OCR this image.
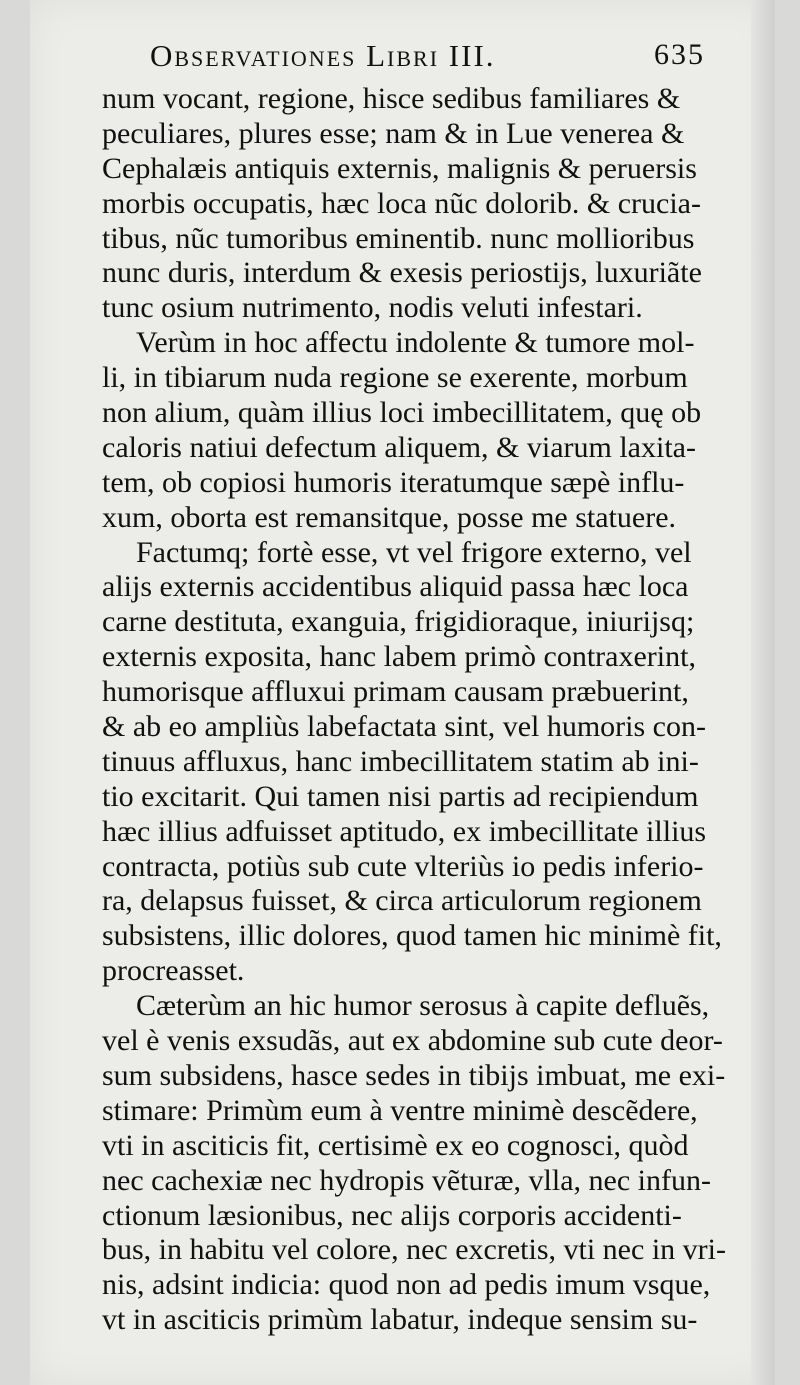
Observationes Libri III.	635
num vocant, regione, hisce sedibus familiares &
peculiares, plures esse; nam & in Lue venerea &
Cephalæis antiquis externis, malignis & peruersis
morbis occupatis, hæc loca nũc dolorib. & crucia-
tibus, nũc tumoribus eminentib. nunc mollioribus
nunc duris, interdum & exesis periostijs, luxuriãte
tunc osium nutrimento, nodis veluti infestari.
Verùm in hoc affectu indolente & tumore mol-
li, in tibiarum nuda regione se exerente, morbum
non alium, quàm illius loci imbecillitatem, quę ob
caloris natiui defectum aliquem, & viarum laxita-
tem, ob copiosi humoris iteratumque sæpè influ-
xum, oborta est remansitque, posse me statuere.
Factumq; fortè esse, vt vel frigore externo, vel
alijs externis accidentibus aliquid passa hæc loca
carne destituta, exanguia, frigidioraque, iniurijsq;
externis exposita, hanc labem primò contraxerint,
humorisque affluxui primam causam præbuerint,
& ab eo ampliùs labefactata sint, vel humoris con-
tinuus affluxus, hanc imbecillitatem statim ab ini-
tio excitarit. Qui tamen nisi partis ad recipiendum
hæc illius adfuisset aptitudo, ex imbecillitate illius
contracta, potiùs sub cute vlteriùs io pedis inferio-
ra, delapsus fuisset, & circa articulorum regionem
subsistens, illic dolores, quod tamen hic minimè fit,
procreasset.
Cæterùm an hic humor serosus à capite defluẽs,
vel è venis exsudãs, aut ex abdomine sub cute deor-
sum subsidens, hasce sedes in tibijs imbuat, me exi-
stimare: Primùm eum à ventre minimè descẽdere,
vti in asciticis fit, certisimè ex eo cognosci, quòd
nec cachexiæ nec hydropis vẽturæ, vlla, nec infun-
ctionum læsionibus, nec alijs corporis accidenti-
bus, in habitu vel colore, nec excretis, vti nec in vri-
nis, adsint indicia: quod non ad pedis imum vsque,
vt in asciticis primùm labatur, indeque sensim su-
